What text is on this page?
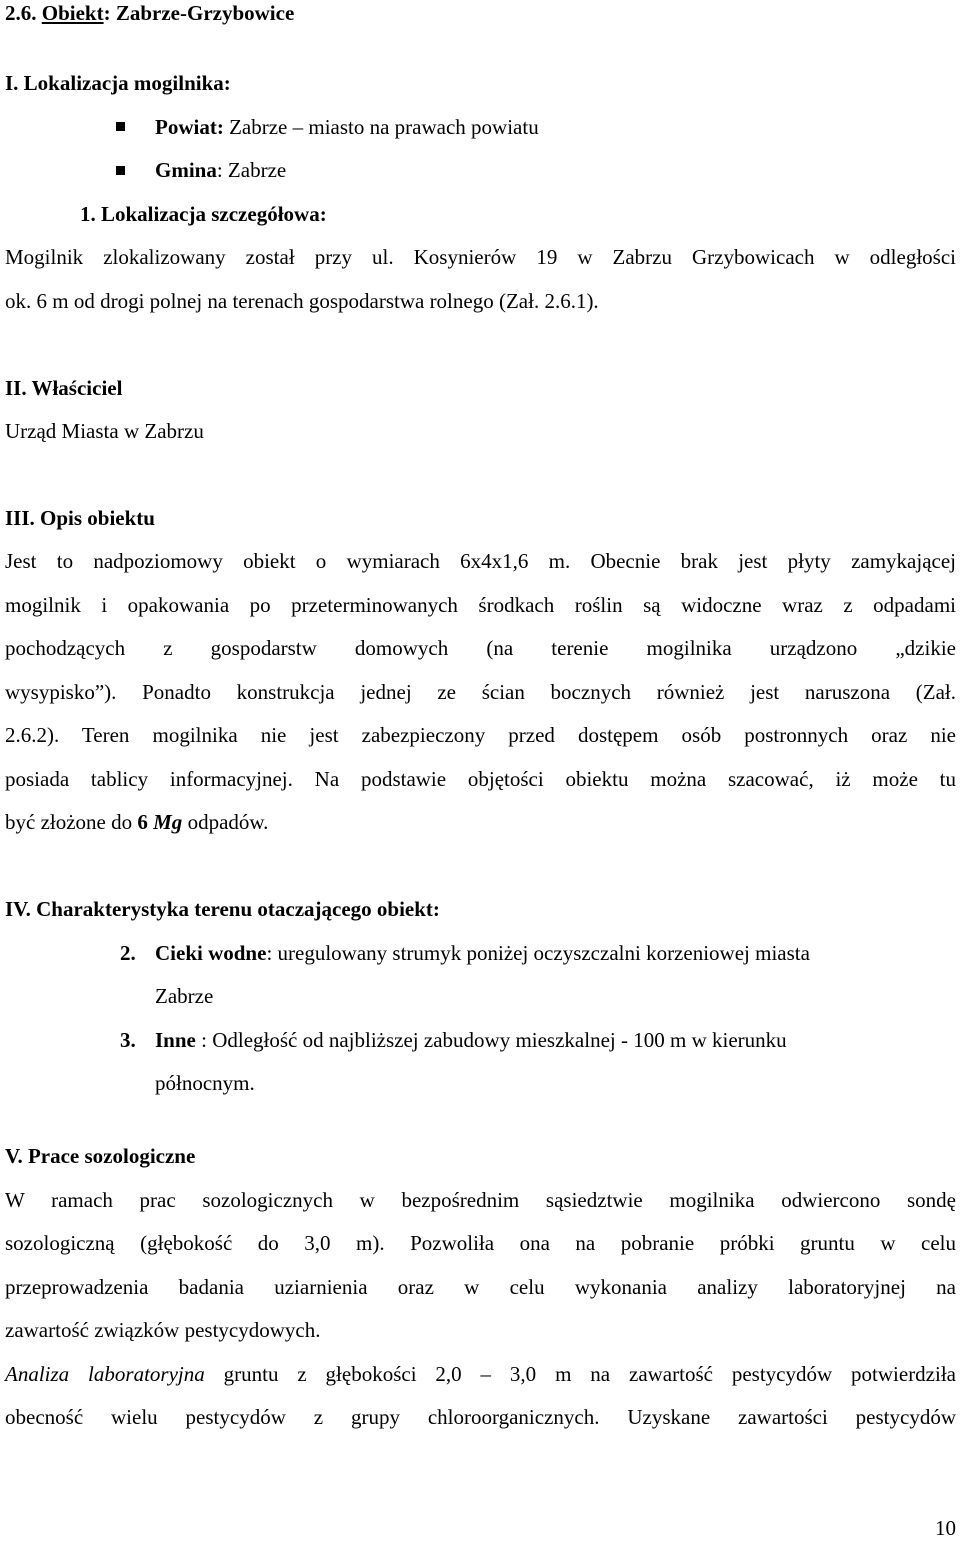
2.6. Obiekt: Zabrze-Grzybowice
I. Lokalizacja mogilnika:
Powiat: Zabrze – miasto na prawach powiatu
Gmina: Zabrze
1. Lokalizacja szczegółowa:
Mogilnik zlokalizowany został przy ul. Kosynierów 19 w Zabrzu Grzybowicach w odległości
ok. 6 m od drogi polnej na terenach gospodarstwa rolnego (Zał. 2.6.1).
II. Właściciel
Urząd Miasta w Zabrzu
III. Opis obiektu
Jest to nadpoziomowy obiekt o wymiarach 6x4x1,6 m. Obecnie brak jest płyty zamykającej
mogilnik i opakowania po przeterminowanych środkach roślin są widoczne wraz z odpadami
pochodzących z gospodarstw domowych (na terenie mogilnika urządzono „dzikie
wysypisko”). Ponadto konstrukcja jednej ze ścian bocznych również jest naruszona (Zał.
2.6.2). Teren mogilnika nie jest zabezpieczony przed dostępem osób postronnych oraz nie
posiada tablicy informacyjnej. Na podstawie objętości obiektu można szacować, iż może tu
być złożone do 6 Mg odpadów.
IV. Charakterystyka terenu otaczającego obiekt:
2. Cieki wodne: uregulowany strumyk poniżej oczyszczalni korzeniowej miasta
Zabrze
3. Inne : Odległość od najbliższej zabudowy mieszkalnej - 100 m w kierunku
północnym.
V. Prace sozologiczne
W ramach prac sozologicznych w bezpośrednim sąsiedztwie mogilnika odwiercono sondę
sozologiczną (głębokość do 3,0 m). Pozwoliła ona na pobranie próbki gruntu w celu
przeprowadzenia badania uziarnienia oraz w celu wykonania analizy laboratoryjnej na
zawartość związków pestycydowych.
Analiza laboratoryjna gruntu z głębokości 2,0 – 3,0 m na zawartość pestycydów potwierdziła
obecność wielu pestycydów z grupy chloroorganicznych. Uzyskane zawartości pestycydów
10
